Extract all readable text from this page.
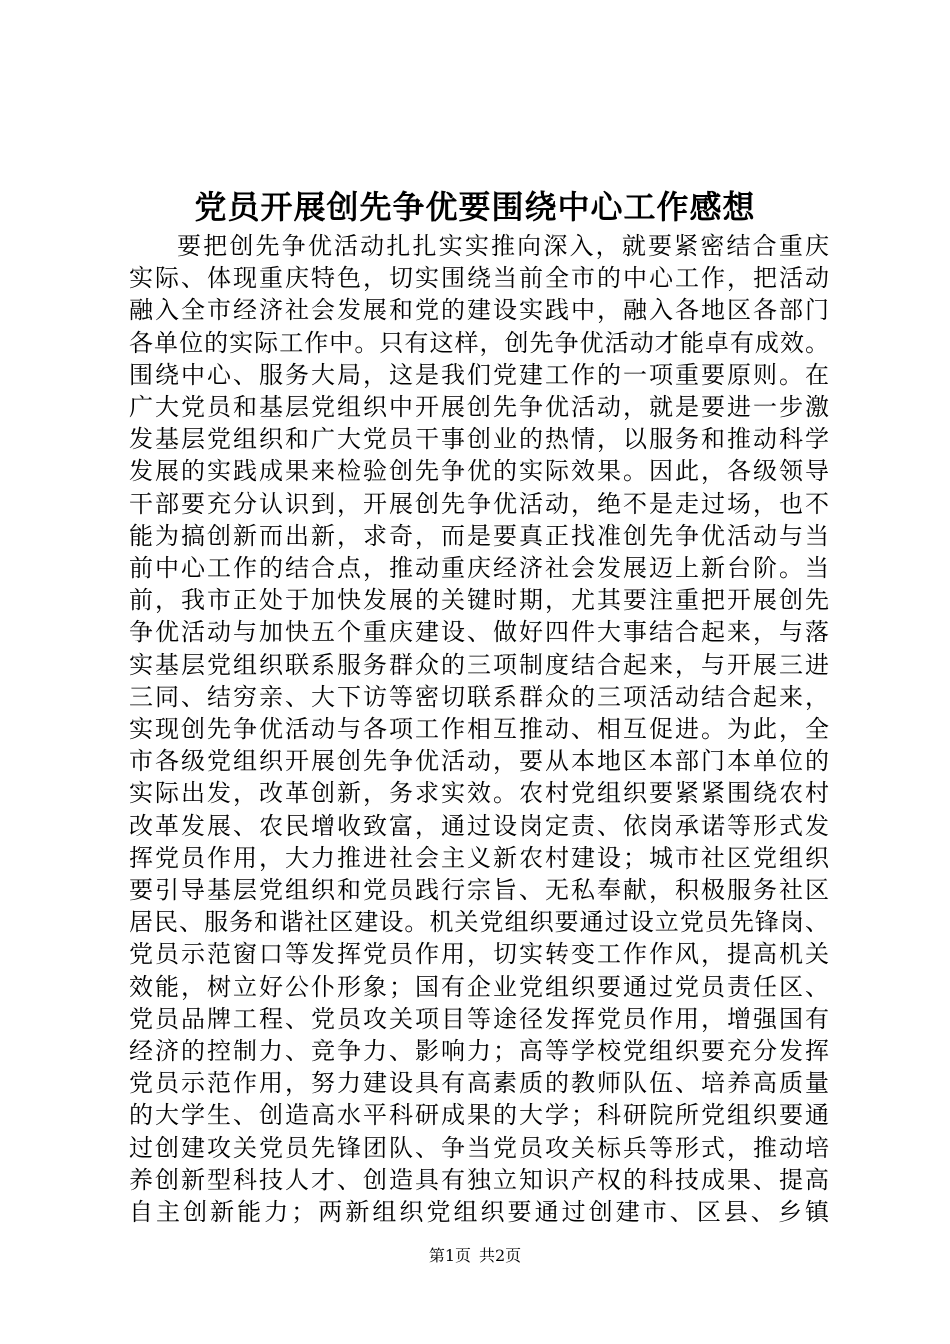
党员开展创先争优要围绕中心工作感想
要把创先争优活动扎扎实实推向深入，就要紧密结合重庆
实际、体现重庆特色，切实围绕当前全市的中心工作，把活动
融入全市经济社会发展和党的建设实践中，融入各地区各部门
各单位的实际工作中。只有这样，创先争优活动才能卓有成效。
围绕中心、服务大局，这是我们党建工作的一项重要原则。在
广大党员和基层党组织中开展创先争优活动，就是要进一步激
发基层党组织和广大党员干事创业的热情，以服务和推动科学
发展的实践成果来检验创先争优的实际效果。因此，各级领导
干部要充分认识到，开展创先争优活动，绝不是走过场，也不
能为搞创新而出新，求奇，而是要真正找准创先争优活动与当
前中心工作的结合点，推动重庆经济社会发展迈上新台阶。当
前，我市正处于加快发展的关键时期，尤其要注重把开展创先
争优活动与加快五个重庆建设、做好四件大事结合起来，与落
实基层党组织联系服务群众的三项制度结合起来，与开展三进
三同、结穷亲、大下访等密切联系群众的三项活动结合起来，
实现创先争优活动与各项工作相互推动、相互促进。为此，全
市各级党组织开展创先争优活动，要从本地区本部门本单位的
实际出发，改革创新，务求实效。农村党组织要紧紧围绕农村
改革发展、农民增收致富，通过设岗定责、依岗承诺等形式发
挥党员作用，大力推进社会主义新农村建设；城市社区党组织
要引导基层党组织和党员践行宗旨、无私奉献，积极服务社区
居民、服务和谐社区建设。机关党组织要通过设立党员先锋岗、
党员示范窗口等发挥党员作用，切实转变工作作风，提高机关
效能，树立好公仆形象；国有企业党组织要通过党员责任区、
党员品牌工程、党员攻关项目等途径发挥党员作用，增强国有
经济的控制力、竞争力、影响力；高等学校党组织要充分发挥
党员示范作用，努力建设具有高素质的教师队伍、培养高质量
的大学生、创造高水平科研成果的大学；科研院所党组织要通
过创建攻关党员先锋团队、争当党员攻关标兵等形式，推动培
养创新型科技人才、创造具有独立知识产权的科技成果、提高
自主创新能力；两新组织党组织要通过创建市、区县、乡镇
第1页 共2页
